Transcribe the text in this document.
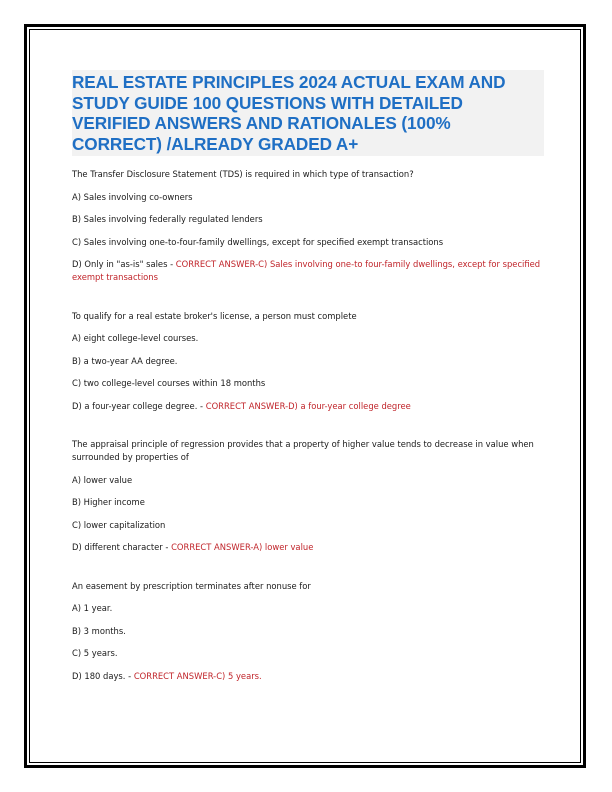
REAL ESTATE PRINCIPLES 2024 ACTUAL EXAM AND STUDY GUIDE 100 QUESTIONS WITH DETAILED VERIFIED ANSWERS AND RATIONALES (100% CORRECT) /ALREADY GRADED A+

The Transfer Disclosure Statement (TDS) is required in which type of transaction?

A) Sales involving co-owners

B) Sales involving federally regulated lenders

C) Sales involving one-to-four-family dwellings, except for specified exempt transactions

D) Only in "as-is" sales - CORRECT ANSWER-C) Sales involving one-to four-family dwellings, except for specified exempt transactions

To qualify for a real estate broker's license, a person must complete

A) eight college-level courses.

B) a two-year AA degree.

C) two college-level courses within 18 months

D) a four-year college degree. - CORRECT ANSWER-D) a four-year college degree

The appraisal principle of regression provides that a property of higher value tends to decrease in value when surrounded by properties of

A) lower value

B) Higher income

C) lower capitalization

D) different character - CORRECT ANSWER-A) lower value

An easement by prescription terminates after nonuse for

A) 1 year.

B) 3 months.

C) 5 years.

D) 180 days. - CORRECT ANSWER-C) 5 years.
